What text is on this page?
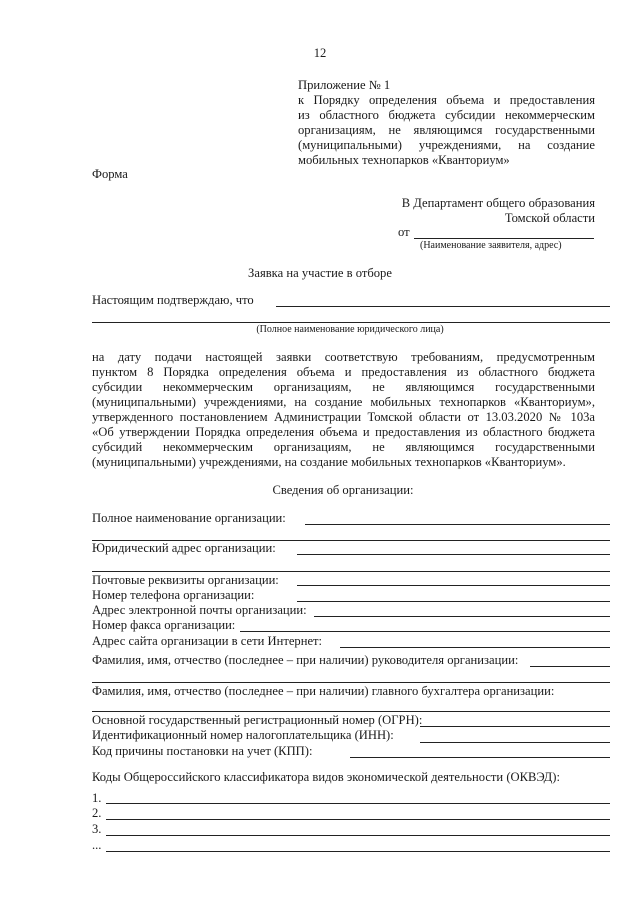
12
Приложение № 1
к Порядку определения объема и предоставления
из областного бюджета субсидии некоммерческим
организациям, не являющимся государственными
(муниципальными) учреждениями, на создание
мобильных технопарков «Кванториум»
Форма
В Департамент общего образования
Томской области
от
(Наименование заявителя, адрес)
Заявка на участие в отборе
Настоящим подтверждаю, что
(Полное наименование юридического лица)
на дату подачи настоящей заявки соответствую требованиям, предусмотренным
пунктом 8 Порядка определения объема и предоставления из областного бюджета
субсидии некоммерческим организациям, не являющимся государственными
(муниципальными) учреждениями, на создание мобильных технопарков «Кванториум»,
утвержденного постановлением Администрации Томской области от 13.03.2020 № 103а
«Об утверждении Порядка определения объема и предоставления из областного бюджета
субсидий некоммерческим организациям, не являющимся государственными
(муниципальными) учреждениями, на создание мобильных технопарков «Кванториум».
Сведения об организации:
Полное наименование организации:
Юридический адрес организации:
Почтовые реквизиты организации:
Номер телефона организации:
Адрес электронной почты организации:
Номер факса организации:
Адрес сайта организации в сети Интернет:
Фамилия, имя, отчество (последнее – при наличии) руководителя организации:
Фамилия, имя, отчество (последнее – при наличии) главного бухгалтера организации:
Основной государственный регистрационный номер (ОГРН):
Идентификационный номер налогоплательщика (ИНН):
Код причины постановки на учет (КПП):
Коды Общероссийского классификатора видов экономической деятельности (ОКВЭД):
1.
2.
3.
...
